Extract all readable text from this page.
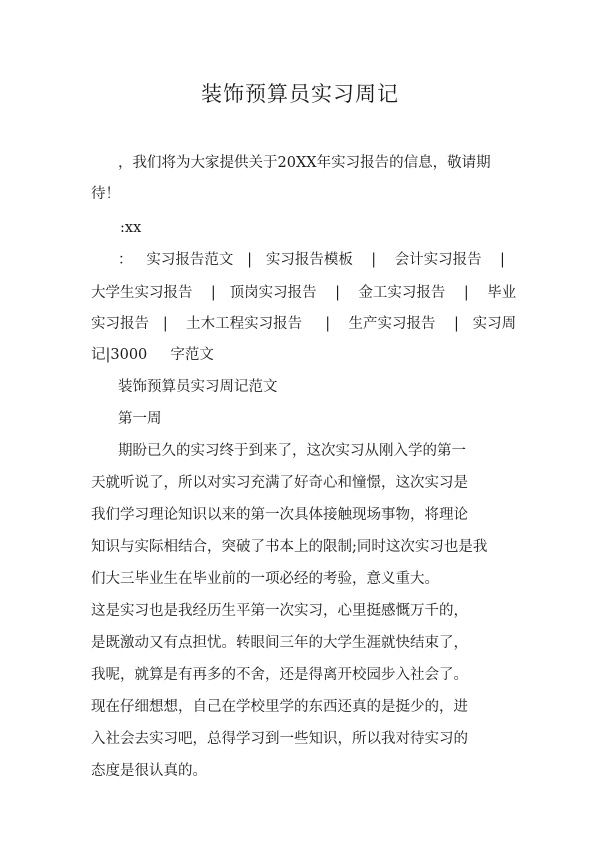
装饰预算员实习周记
，我们将为大家提供关于20XX年实习报告的信息，敬请期
待！
:xx
：   实习报告范文   |   实习报告模板    |    会计实习报告    |
大学生实习报告    |   顶岗实习报告    |    金工实习报告    |    毕业
实习报告   |    土木工程实习报告     |    生产实习报告    |   实习周
记|3000     字范文
装饰预算员实习周记范文
第一周
期盼已久的实习终于到来了，这次实习从刚入学的第一
天就听说了，所以对实习充满了好奇心和憧憬，这次实习是
我们学习理论知识以来的第一次具体接触现场事物，将理论
知识与实际相结合，突破了书本上的限制;同时这次实习也是我
们大三毕业生在毕业前的一项必经的考验，意义重大。
这是实习也是我经历生平第一次实习，心里挺感慨万千的，
是既激动又有点担忧。转眼间三年的大学生涯就快结束了，
我呢，就算是有再多的不舍，还是得离开校园步入社会了。
现在仔细想想，自己在学校里学的东西还真的是挺少的，进
入社会去实习吧，总得学习到一些知识，所以我对待实习的
态度是很认真的。
